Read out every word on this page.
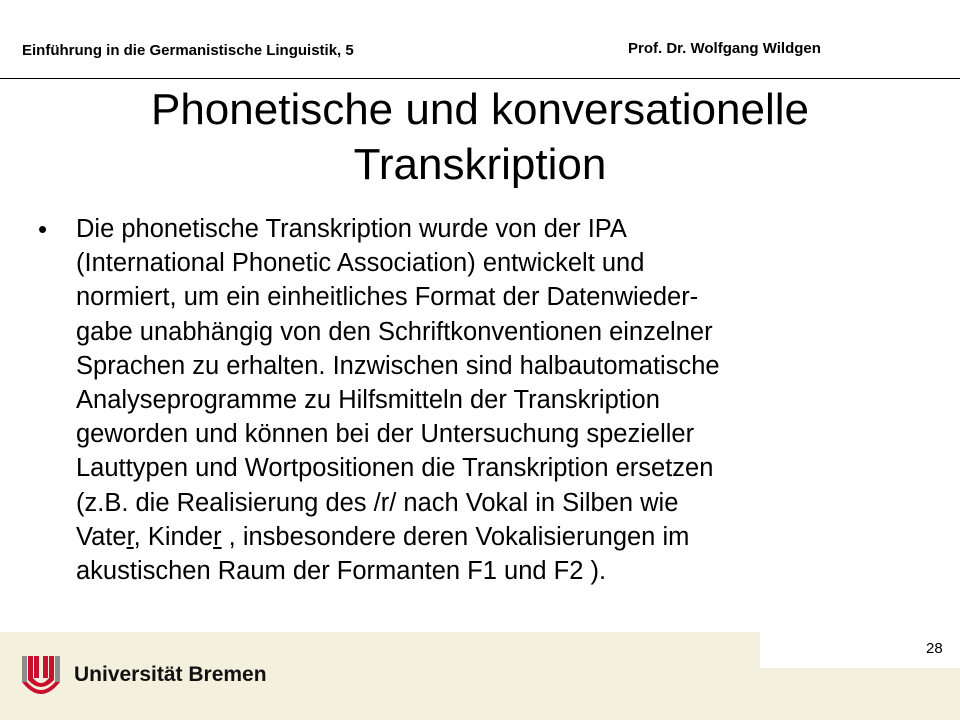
Einführung in die Germanistische Linguistik, 5	Prof. Dr. Wolfgang Wildgen
Phonetische und konversationelle
Transkription
•	Die phonetische Transkription wurde von der IPA
(International Phonetic Association) entwickelt und
normiert, um ein einheitliches Format der Datenwieder-
gabe unabhängig von den Schriftkonventionen einzelner
Sprachen zu erhalten. Inzwischen sind halbautomatische
Analyseprogramme zu Hilfsmitteln der Transkription
geworden und können bei der Untersuchung spezieller
Lauttypen und Wortpositionen die Transkription ersetzen
(z.B. die Realisierung des /r/ nach Vokal in Silben wie
Vater, Kinder , insbesondere deren Vokalisierungen im
akustischen Raum der Formanten F1 und F2 ).
28
Universität Bremen
